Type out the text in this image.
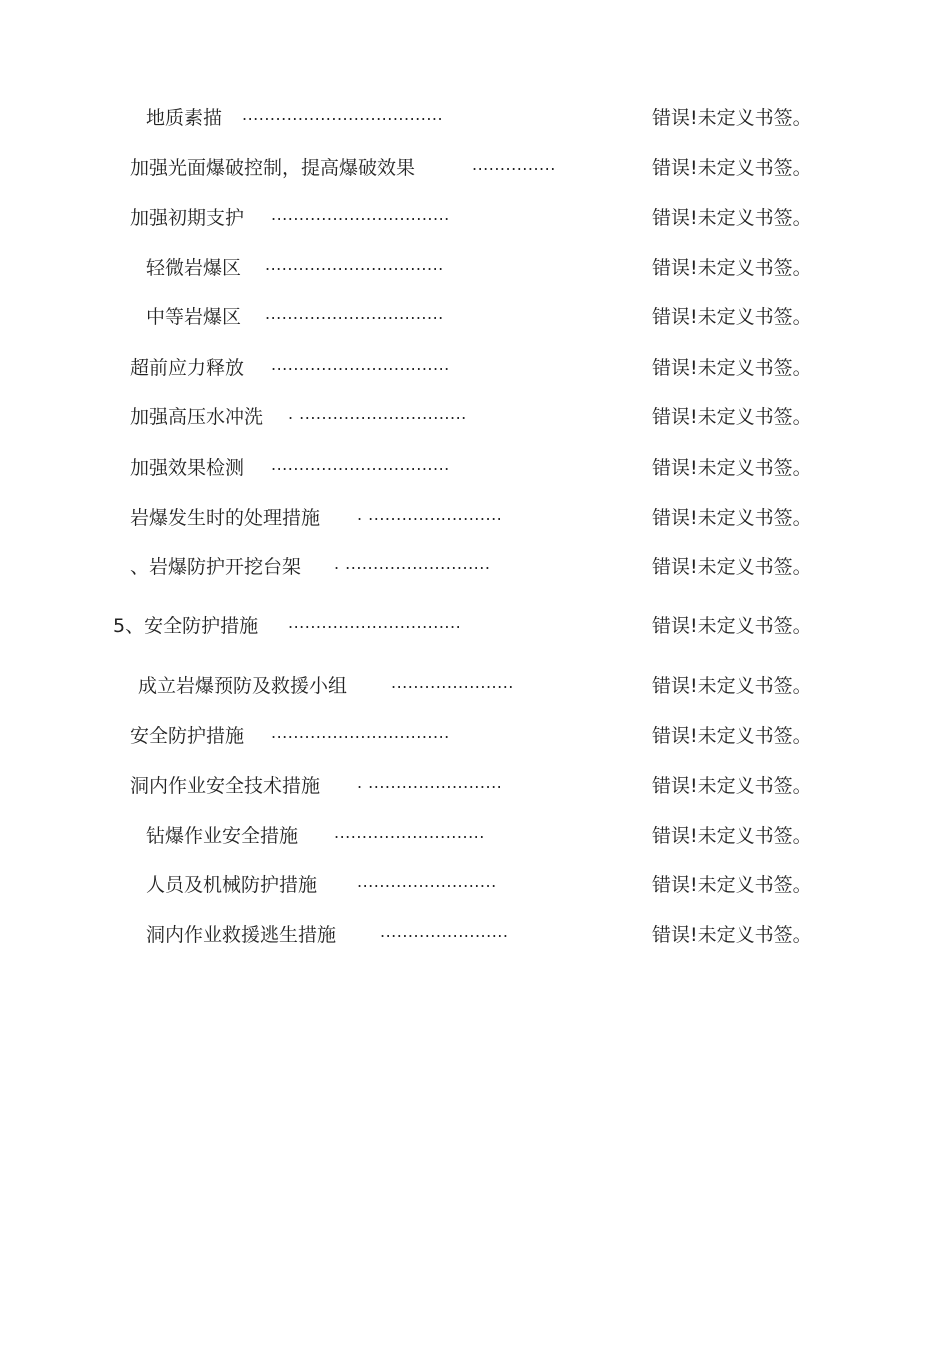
地质素描 ....................................	错误!未定义书签。
加强光面爆破控制，提高爆破效果	...............	错误!未定义书签。
加强初期支护 ................................	错误!未定义书签。
轻微岩爆区 ................................	错误!未定义书签。
中等岩爆区 ................................	错误!未定义书签。
超前应力释放 ................................	错误!未定义书签。
加强高压水冲洗 . ..............................	错误!未定义书签。
加强效果检测 ................................	错误!未定义书签。
岩爆发生时的处理措施 . ........................	错误!未定义书签。
、岩爆防护开挖台架 . ..........................	错误!未定义书签。
5、安全防护措施 ...............................	错误!未定义书签。
成立岩爆预防及救援小组	......................	错误!未定义书签。
安全防护措施 ................................	错误!未定义书签。
洞内作业安全技术措施 . ........................	错误!未定义书签。
钻爆作业安全措施 ...........................	错误!未定义书签。
人员及机械防护措施 .........................	错误!未定义书签。
洞内作业救援逃生措施	.......................	错误!未定义书签。
